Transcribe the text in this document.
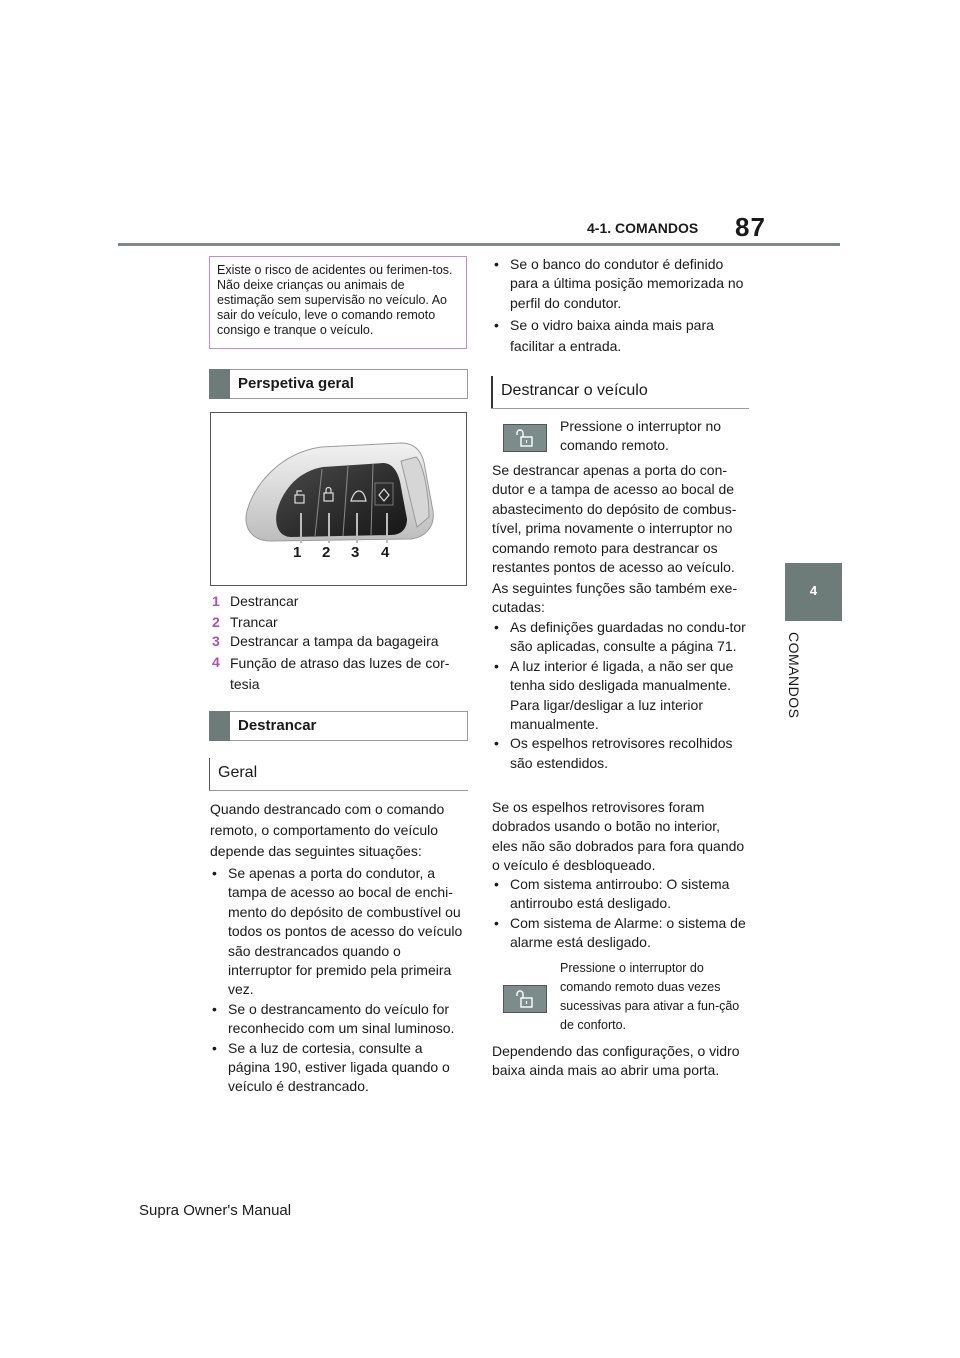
87
4-1. COMANDOS
4
COMANDOS
Existe o risco de acidentes ou ferimen-tos. Não deixe crianças ou animais de estimação sem supervisão no veículo. Ao sair do veículo, leve o comando remoto consigo e tranque o veículo.
Perspetiva geral
1 2 3 4
1 Destrancar
2 Trancar
3 Destrancar a tampa da bagageira
4 Função de atraso das luzes de cor-tesia
Destrancar
Geral
Quando destrancado com o comando remoto, o comportamento do veículo depende das seguintes situações:
• Se apenas a porta do condutor, a tampa de acesso ao bocal de enchi-mento do depósito de combustível ou todos os pontos de acesso do veículo são destrancados quando o interruptor for premido pela primeira vez.
• Se o destrancamento do veículo for reconhecido com um sinal luminoso.
• Se a luz de cortesia, consulte a página 190, estiver ligada quando o veículo é destrancado.
• Se o banco do condutor é definido para a última posição memorizada no perfil do condutor.
• Se o vidro baixa ainda mais para facilitar a entrada.
Destrancar o veículo
Pressione o interruptor no comando remoto.
Se destrancar apenas a porta do con-dutor e a tampa de acesso ao bocal de abastecimento do depósito de combus-tível, prima novamente o interruptor no comando remoto para destrancar os restantes pontos de acesso ao veículo.
As seguintes funções são também exe-cutadas:
• As definições guardadas no condu-tor são aplicadas, consulte a página 71.
• A luz interior é ligada, a não ser que tenha sido desligada manualmente. Para ligar/desligar a luz interior manualmente.
• Os espelhos retrovisores recolhidos são estendidos.
Se os espelhos retrovisores foram dobrados usando o botão no interior, eles não são dobrados para fora quando o veículo é desbloqueado.
• Com sistema antirroubo: O sistema antirroubo está desligado.
• Com sistema de Alarme: o sistema de alarme está desligado.
Pressione o interruptor do comando remoto duas vezes sucessivas para ativar a fun-ção de conforto.
Dependendo das configurações, o vidro baixa ainda mais ao abrir uma porta.
Supra Owner's Manual
